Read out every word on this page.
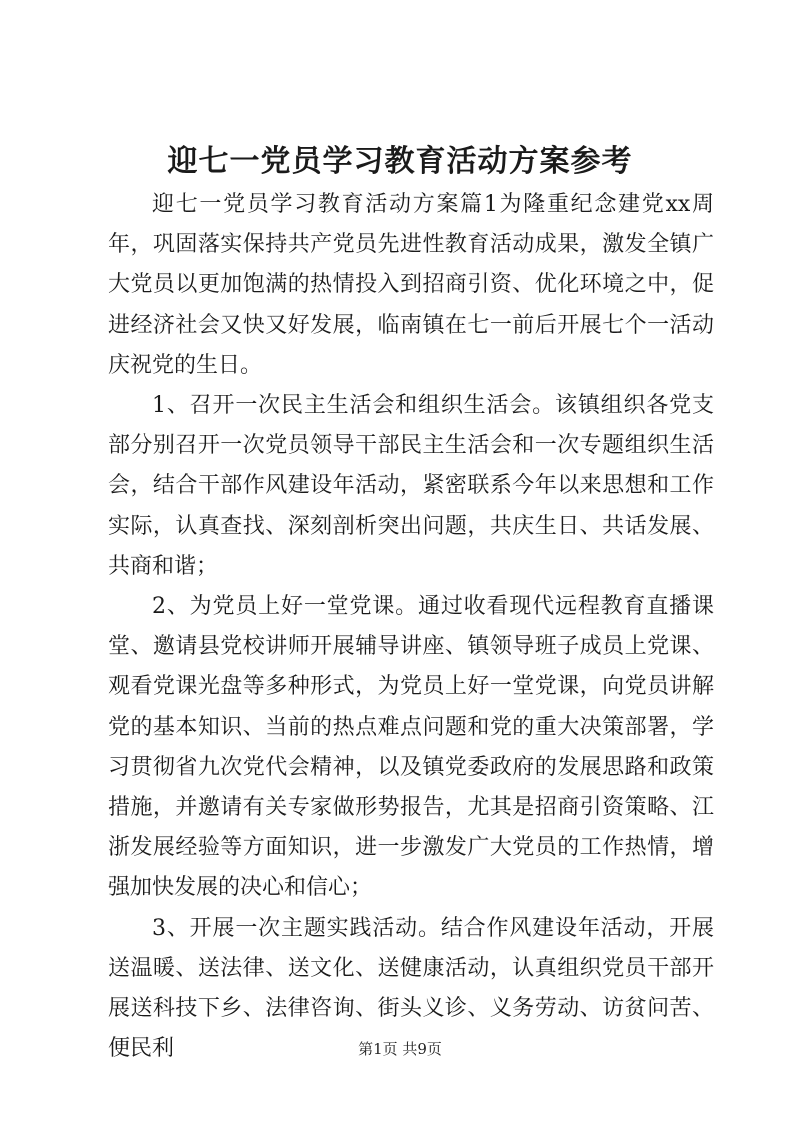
迎七一党员学习教育活动方案参考

迎七一党员学习教育活动方案篇1为隆重纪念建党xx周年，巩固落实保持共产党员先进性教育活动成果，激发全镇广大党员以更加饱满的热情投入到招商引资、优化环境之中，促进经济社会又快又好发展，临南镇在七一前后开展七个一活动庆祝党的生日。

1、召开一次民主生活会和组织生活会。该镇组织各党支部分别召开一次党员领导干部民主生活会和一次专题组织生活会，结合干部作风建设年活动，紧密联系今年以来思想和工作实际，认真查找、深刻剖析突出问题，共庆生日、共话发展、共商和谐；

2、为党员上好一堂党课。通过收看现代远程教育直播课堂、邀请县党校讲师开展辅导讲座、镇领导班子成员上党课、观看党课光盘等多种形式，为党员上好一堂党课，向党员讲解党的基本知识、当前的热点难点问题和党的重大决策部署，学习贯彻省九次党代会精神，以及镇党委政府的发展思路和政策措施，并邀请有关专家做形势报告，尤其是招商引资策略、江浙发展经验等方面知识，进一步激发广大党员的工作热情，增强加快发展的决心和信心；

3、开展一次主题实践活动。结合作风建设年活动，开展送温暖、送法律、送文化、送健康活动，认真组织党员干部开展送科技下乡、法律咨询、街头义诊、义务劳动、访贫问苦、便民利	第1页 共9页
